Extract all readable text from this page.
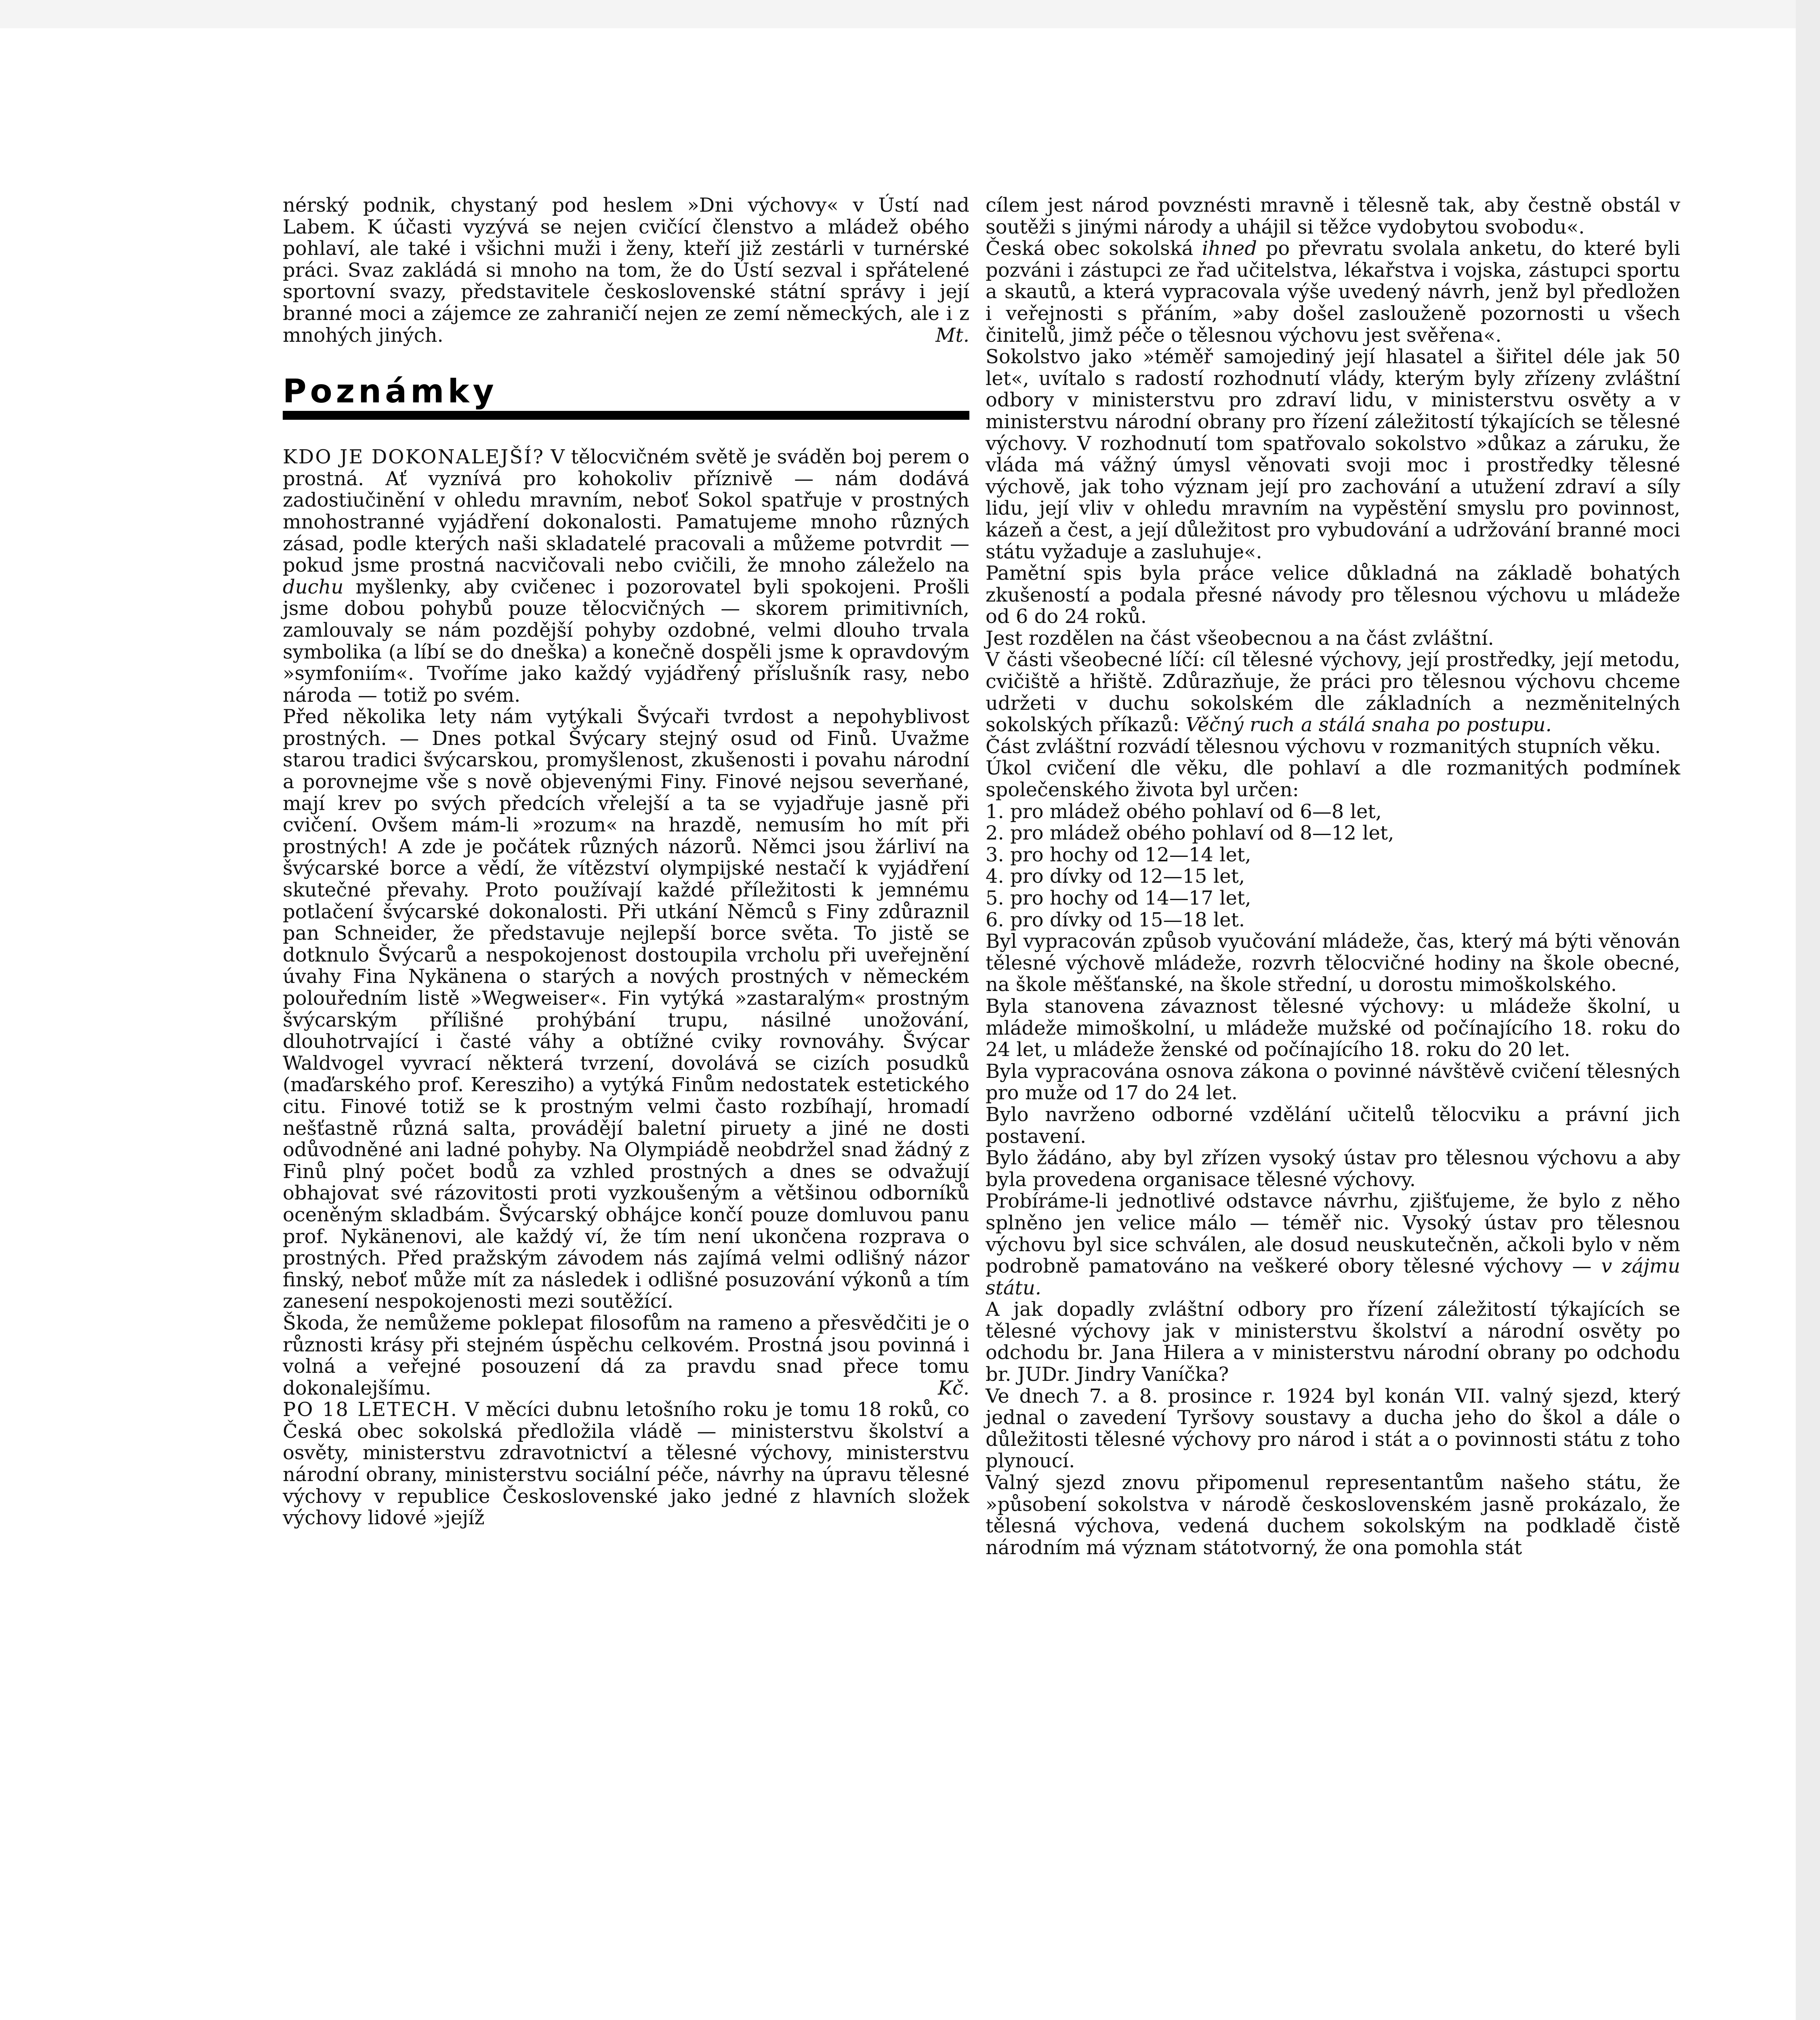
nérský podnik, chystaný pod heslem »Dni výchovy« v Ústí nad Labem. K účasti vyzývá se nejen cvičící členstvo a mládež obého pohlaví, ale také i všichni muži i ženy, kteří již zestárli v turnérské práci. Svaz zakládá si mnoho na tom, že do Ústí sezval i spřátelené sportovní svazy, představitele československé státní správy i její branné moci a zájemce ze zahraničí nejen ze zemí německých, ale i z mnohých jiných.	Mt.

Poznámky

KDO JE DOKONALEJŠÍ? V tělocvičném světě je sváděn boj perem o prostná. Ať vyznívá pro kohokoliv příznivě — nám dodává zadostiučinění v ohledu mravním, neboť Sokol spatřuje v prostných mnohostranné vyjádření dokonalosti. Pamatujeme mnoho různých zásad, podle kterých naši skladatelé pracovali a můžeme potvrdit — pokud jsme prostná nacvičovali nebo cvičili, že mnoho záleželo na duchu myšlenky, aby cvičenec i pozorovatel byli spokojeni. Prošli jsme dobou pohybů pouze tělocvičných — skorem primitivních, zamlouvaly se nám pozdější pohyby ozdobné, velmi dlouho trvala symbolika (a líbí se do dneška) a konečně dospěli jsme k opravdovým »symfoniím«. Tvoříme jako každý vyjádřený příslušník rasy, nebo národa — totiž po svém.

Před několika lety nám vytýkali Švýcaři tvrdost a nepohyblivost prostných. — Dnes potkal Švýcary stejný osud od Finů. Uvažme starou tradici švýcarskou, promyšlenost, zkušenosti i povahu národní a porovnejme vše s nově objevenými Finy. Finové nejsou severňané, mají krev po svých předcích vřelejší a ta se vyjadřuje jasně při cvičení. Ovšem mám-li »rozum« na hrazdě, nemusím ho mít při prostných! A zde je počátek různých názorů. Němci jsou žárliví na švýcarské borce a vědí, že vítězství olympijské nestačí k vyjádření skutečné převahy. Proto používají každé příležitosti k jemnému potlačení švýcarské dokonalosti. Při utkání Němců s Finy zdůraznil pan Schneider, že představuje nejlepší borce světa. To jistě se dotknulo Švýcarů a nespokojenost dostoupila vrcholu při uveřejnění úvahy Fina Nykänena o starých a nových prostných v německém polouředním listě »Wegweiser«. Fin vytýká »zastaralým« prostným švýcarským přílišné prohýbání trupu, násilné unožování, dlouhotrvající i časté váhy a obtížné cviky rovnováhy. Švýcar Waldvogel vyvrací některá tvrzení, dovolává se cizích posudků (maďarského prof. Keresziho) a vytýká Finům nedostatek estetického citu. Finové totiž se k prostným velmi často rozbíhají, hromadí nešťastně různá salta, provádějí baletní piruety a jiné ne dosti odůvodněné ani ladné pohyby. Na Olympiádě neobdržel snad žádný z Finů plný počet bodů za vzhled prostných a dnes se odvažují obhajovat své rázovitosti proti vyzkoušeným a většinou odborníků oceněným skladbám. Švýcarský obhájce končí pouze domluvou panu prof. Nykänenovi, ale každý ví, že tím není ukončena rozprava o prostných. Před pražským závodem nás zajímá velmi odlišný názor finský, neboť může mít za následek i odlišné posuzování výkonů a tím zanesení nespokojenosti mezi soutěžící.

Škoda, že nemůžeme poklepat filosofům na rameno a přesvědčiti je o různosti krásy při stejném úspěchu celkovém. Prostná jsou povinná i volná a veřejné posouzení dá za pravdu snad přece tomu dokonalejšímu.	Kč.

PO 18 LETECH. V měcíci dubnu letošního roku je tomu 18 roků, co Česká obec sokolská předložila vládě — ministerstvu školství a osvěty, ministerstvu zdravotnictví a tělesné výchovy, ministerstvu národní obrany, ministerstvu sociální péče, návrhy na úpravu tělesné výchovy v republice Československé jako jedné z hlavních složek výchovy lidové »jejíž

cílem jest národ povznésti mravně i tělesně tak, aby čestně obstál v soutěži s jinými národy a uhájil si těžce vydobytou svobodu«.

Česká obec sokolská ihned po převratu svolala anketu, do které byli pozváni i zástupci ze řad učitelstva, lékařstva i vojska, zástupci sportu a skautů, a která vypracovala výše uvedený návrh, jenž byl předložen i veřejnosti s přáním, »aby došel zaslouženě pozornosti u všech činitelů, jimž péče o tělesnou výchovu jest svěřena«.

Sokolstvo jako »téměř samojediný její hlasatel a šiřitel déle jak 50 let«, uvítalo s radostí rozhodnutí vlády, kterým byly zřízeny zvláštní odbory v ministerstvu pro zdraví lidu, v ministerstvu osvěty a v ministerstvu národní obrany pro řízení záležitostí týkajících se tělesné výchovy. V rozhodnutí tom spatřovalo sokolstvo »důkaz a záruku, že vláda má vážný úmysl věnovati svoji moc i prostředky tělesné výchově, jak toho význam její pro zachování a utužení zdraví a síly lidu, její vliv v ohledu mravním na vypěstění smyslu pro povinnost, kázeň a čest, a její důležitost pro vybudování a udržování branné moci státu vyžaduje a zasluhuje«.

Pamětní spis byla práce velice důkladná na základě bohatých zkušeností a podala přesné návody pro tělesnou výchovu u mládeže od 6 do 24 roků.

Jest rozdělen na část všeobecnou a na část zvláštní.

V části všeobecné líčí: cíl tělesné výchovy, její prostředky, její metodu, cvičiště a hřiště. Zdůrazňuje, že práci pro tělesnou výchovu chceme udržeti v duchu sokolském dle základních a nezměnitelných sokolských příkazů: Věčný ruch a stálá snaha po postupu.

Část zvláštní rozvádí tělesnou výchovu v rozmanitých stupních věku.

Úkol cvičení dle věku, dle pohlaví a dle rozmanitých podmínek společenského života byl určen:

1. pro mládež obého pohlaví od 6—8 let,
2. pro mládež obého pohlaví od 8—12 let,
3. pro hochy od 12—14 let,
4. pro dívky od 12—15 let,
5. pro hochy od 14—17 let,
6. pro dívky od 15—18 let.

Byl vypracován způsob vyučování mládeže, čas, který má býti věnován tělesné výchově mládeže, rozvrh tělocvičné hodiny na škole obecné, na škole měšťanské, na škole střední, u dorostu mimoškolského.

Byla stanovena závaznost tělesné výchovy: u mládeže školní, u mládeže mimoškolní, u mládeže mužské od počínajícího 18. roku do 24 let, u mládeže ženské od počínajícího 18. roku do 20 let.

Byla vypracována osnova zákona o povinné návštěvě cvičení tělesných pro muže od 17 do 24 let.

Bylo navrženo odborné vzdělání učitelů tělocviku a právní jich postavení.

Bylo žádáno, aby byl zřízen vysoký ústav pro tělesnou výchovu a aby byla provedena organisace tělesné výchovy.

Probíráme-li jednotlivé odstavce návrhu, zjišťujeme, že bylo z něho splněno jen velice málo — téměř nic. Vysoký ústav pro tělesnou výchovu byl sice schválen, ale dosud neuskutečněn, ačkoli bylo v něm podrobně pamatováno na veškeré obory tělesné výchovy — v zájmu státu.

A jak dopadly zvláštní odbory pro řízení záležitostí týkajících se tělesné výchovy jak v ministerstvu školství a národní osvěty po odchodu br. Jana Hilera a v ministerstvu národní obrany po odchodu br. JUDr. Jindry Vaníčka?

Ve dnech 7. a 8. prosince r. 1924 byl konán VII. valný sjezd, který jednal o zavedení Tyršovy soustavy a ducha jeho do škol a dále o důležitosti tělesné výchovy pro národ i stát a o povinnosti státu z toho plynoucí.

Valný sjezd znovu připomenul representantům našeho státu, že »působení sokolstva v národě československém jasně prokázalo, že tělesná výchova, vedená duchem sokolským na podkladě čistě národním má význam státotvorný, že ona pomohla stát
